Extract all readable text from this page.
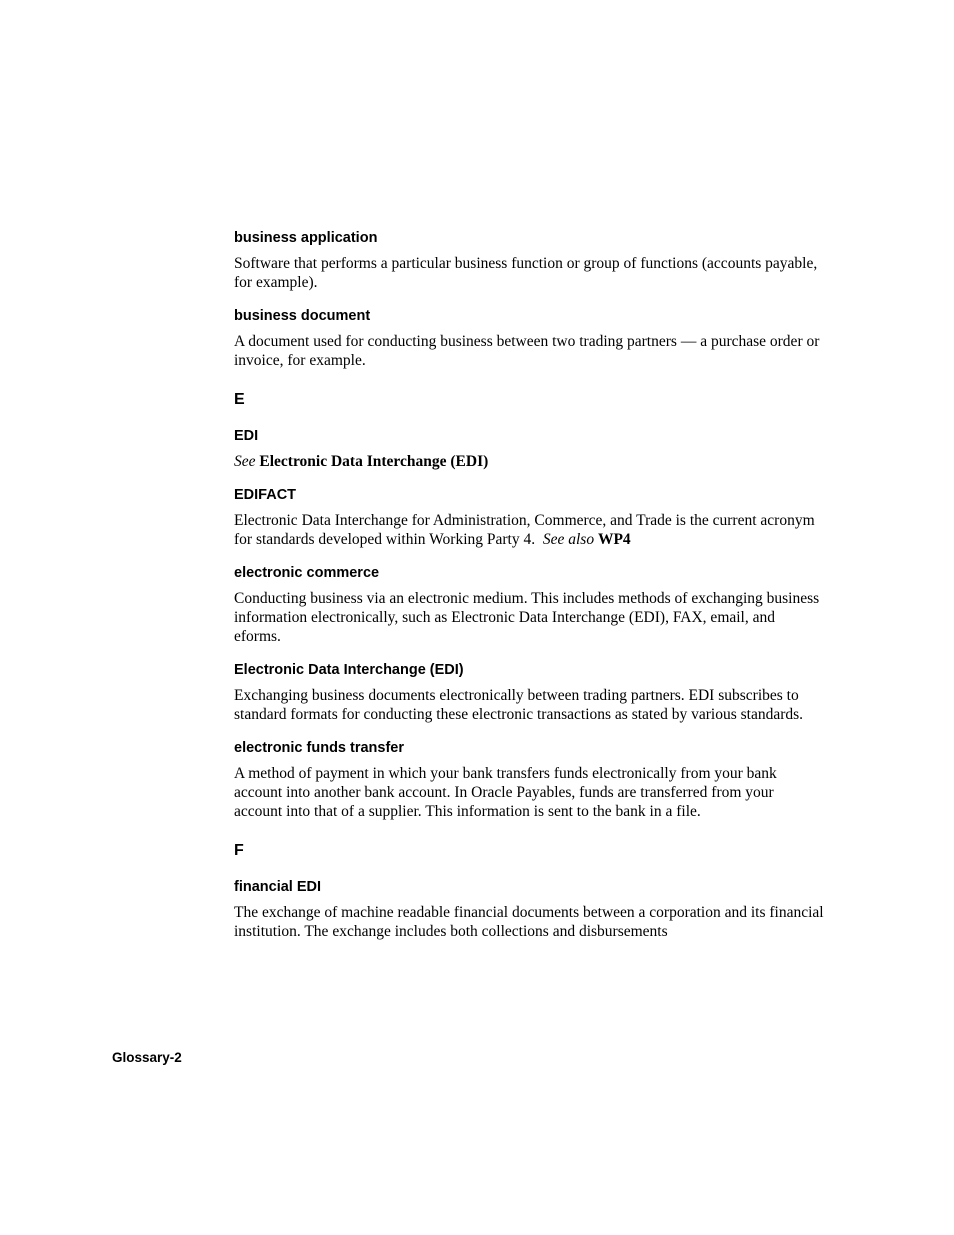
business application

Software that performs a particular business function or group of functions (accounts payable, for example).

business document

A document used for conducting business between two trading partners — a purchase order or invoice, for example.

E
EDI

See Electronic Data Interchange (EDI)

EDIFACT

Electronic Data Interchange for Administration, Commerce, and Trade is the current acronym for standards developed within Working Party 4. See also WP4

electronic commerce

Conducting business via an electronic medium. This includes methods of exchanging business information electronically, such as Electronic Data Interchange (EDI), FAX, email, and eforms.

Electronic Data Interchange (EDI)

Exchanging business documents electronically between trading partners. EDI subscribes to standard formats for conducting these electronic transactions as stated by various standards.

electronic funds transfer

A method of payment in which your bank transfers funds electronically from your bank account into another bank account. In Oracle Payables, funds are transferred from your account into that of a supplier. This information is sent to the bank in a file.

F
financial EDI

The exchange of machine readable financial documents between a corporation and its financial institution. The exchange includes both collections and disbursements

Glossary-2
